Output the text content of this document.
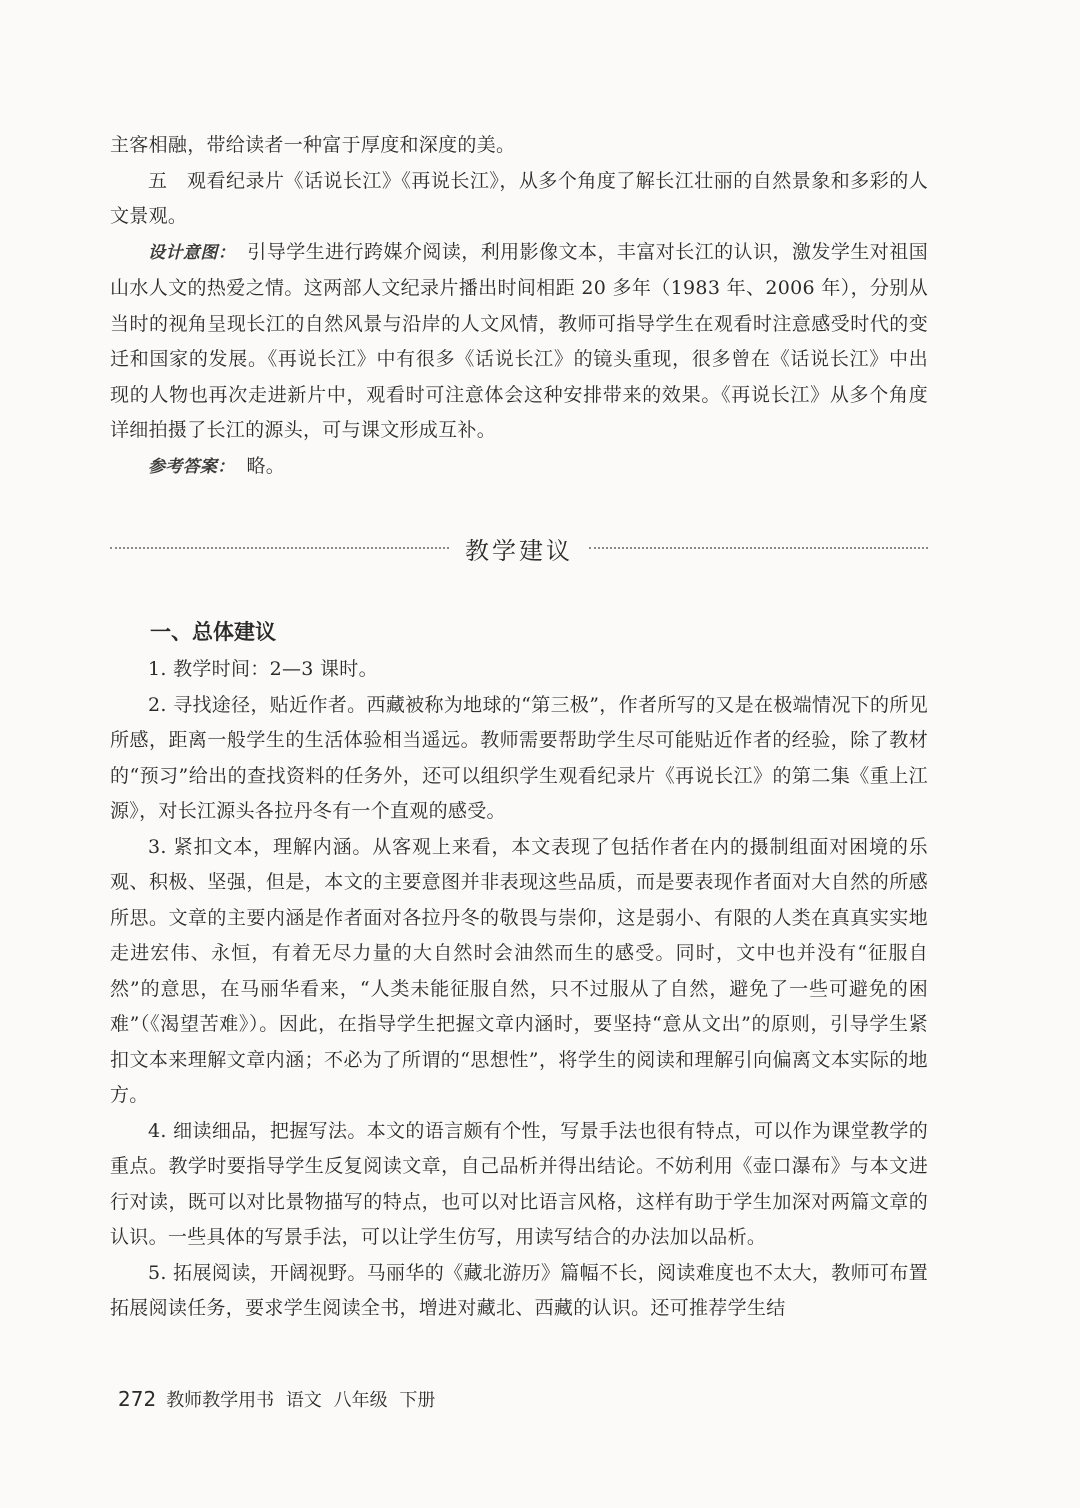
主客相融，带给读者一种富于厚度和深度的美。

五　观看纪录片《话说长江》《再说长江》，从多个角度了解长江壮丽的自然景象和多彩的人文景观。

设计意图： 引导学生进行跨媒介阅读，利用影像文本，丰富对长江的认识，激发学生对祖国山水人文的热爱之情。这两部人文纪录片播出时间相距 20 多年（1983 年、2006 年），分别从当时的视角呈现长江的自然风景与沿岸的人文风情，教师可指导学生在观看时注意感受时代的变迁和国家的发展。《再说长江》中有很多《话说长江》的镜头重现，很多曾在《话说长江》中出现的人物也再次走进新片中，观看时可注意体会这种安排带来的效果。《再说长江》从多个角度详细拍摄了长江的源头，可与课文形成互补。

参考答案： 略。

教学建议
一、总体建议

1. 教学时间：2—3 课时。

2. 寻找途径，贴近作者。西藏被称为地球的“第三极”，作者所写的又是在极端情况下的所见所感，距离一般学生的生活体验相当遥远。教师需要帮助学生尽可能贴近作者的经验，除了教材的“预习”给出的查找资料的任务外，还可以组织学生观看纪录片《再说长江》的第二集《重上江源》，对长江源头各拉丹冬有一个直观的感受。

3. 紧扣文本，理解内涵。从客观上来看，本文表现了包括作者在内的摄制组面对困境的乐观、积极、坚强，但是，本文的主要意图并非表现这些品质，而是要表现作者面对大自然的所感所思。文章的主要内涵是作者面对各拉丹冬的敬畏与崇仰，这是弱小、有限的人类在真真实实地走进宏伟、永恒，有着无尽力量的大自然时会油然而生的感受。同时，文中也并没有“征服自然”的意思，在马丽华看来，“人类未能征服自然，只不过服从了自然，避免了一些可避免的困难”（《渴望苦难》）。因此，在指导学生把握文章内涵时，要坚持“意从文出”的原则，引导学生紧扣文本来理解文章内涵；不必为了所谓的“思想性”，将学生的阅读和理解引向偏离文本实际的地方。

4. 细读细品，把握写法。本文的语言颇有个性，写景手法也很有特点，可以作为课堂教学的重点。教学时要指导学生反复阅读文章，自己品析并得出结论。不妨利用《壶口瀑布》与本文进行对读，既可以对比景物描写的特点，也可以对比语言风格，这样有助于学生加深对两篇文章的认识。一些具体的写景手法，可以让学生仿写，用读写结合的办法加以品析。

5. 拓展阅读，开阔视野。马丽华的《藏北游历》篇幅不长，阅读难度也不太大，教师可布置拓展阅读任务，要求学生阅读全书，增进对藏北、西藏的认识。还可推荐学生结

272 教师教学用书 语文 八年级 下册
